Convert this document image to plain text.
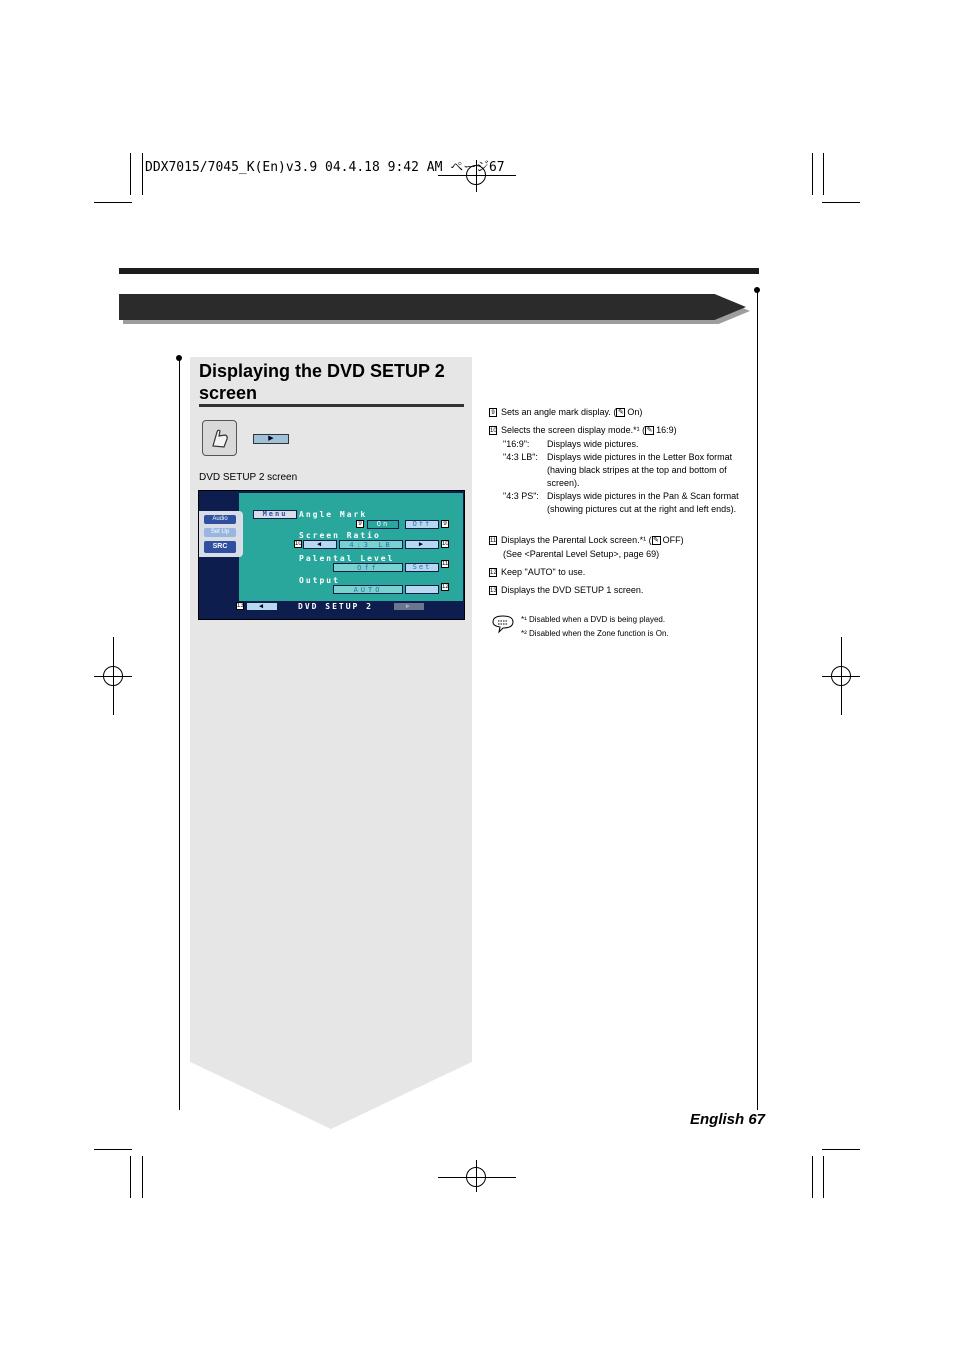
DDX7015/7045_K(En)v3.9 04.4.18 9:42 AM ページ67
Displaying the DVD SETUP 2 screen
▶
DVD SETUP 2 screen
Audio
Set Up
SRC
Menu	Angle Mark
9	On	Off	9
Screen Ratio
10	◀	4:3 LB	▶	10
Palental Level
Off	Set	11
Output
AUTO	12
13	◀	DVD SETUP 2	▶
9 Sets an angle mark display. ( ✎ On)
10 Selects the screen display mode.*¹ ( ✎ 16:9)
"16:9": Displays wide pictures.
"4:3 LB": Displays wide pictures in the Letter Box format (having black stripes at the top and bottom of screen).
"4:3 PS": Displays wide pictures in the Pan & Scan format (showing pictures cut at the right and left ends).
11 Displays the Parental Lock screen.*¹ ( ✎ OFF)
(See <Parental Level Setup>, page 69)
12 Keep "AUTO" to use.
13 Displays the DVD SETUP 1 screen.
*¹ Disabled when a DVD is being played.
*² Disabled when the Zone function is On.
English 67
